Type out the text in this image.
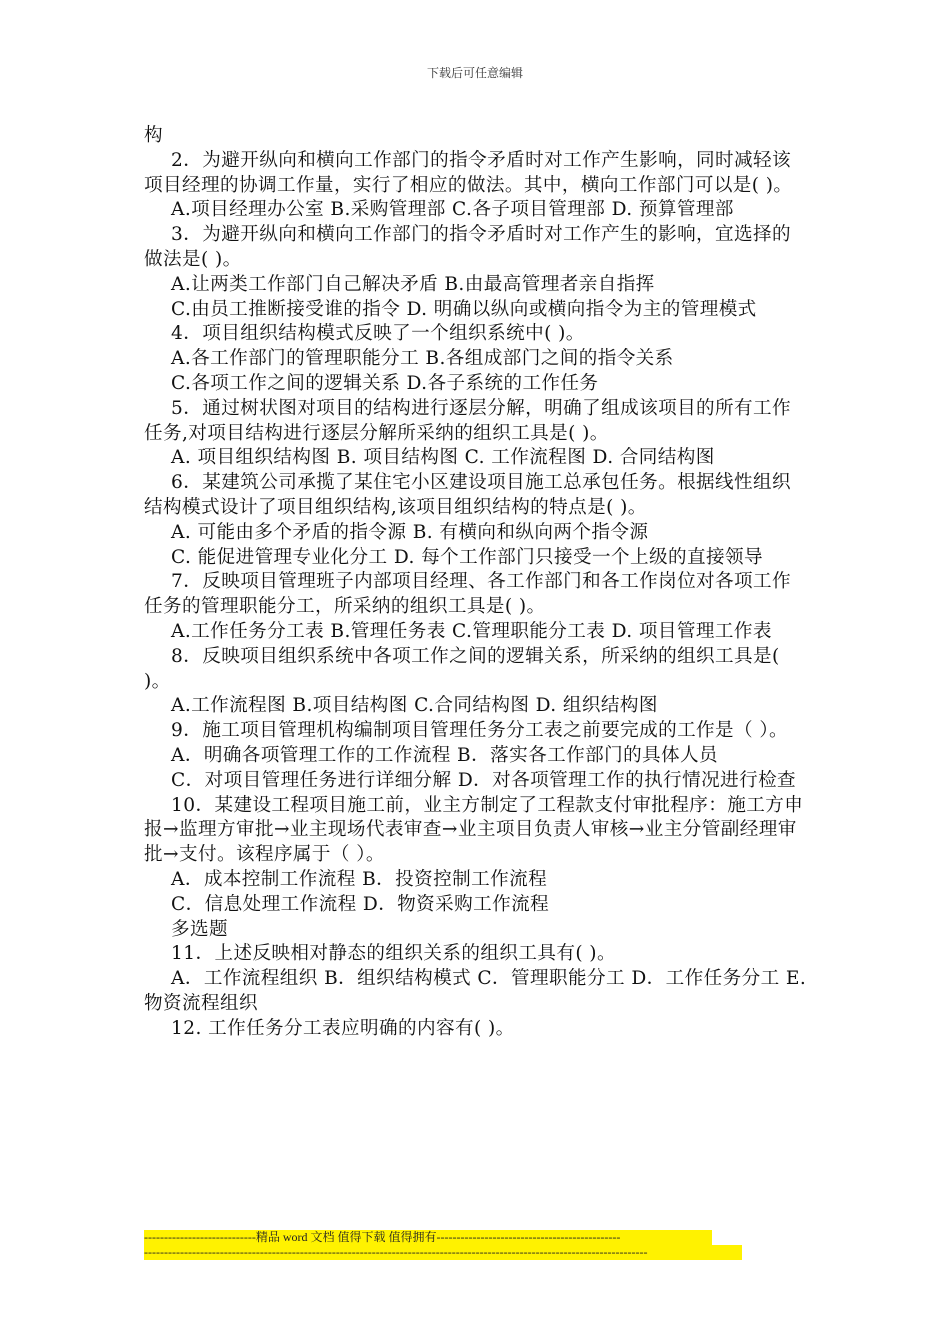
下载后可任意编辑

构

2．为避开纵向和横向工作部门的指令矛盾时对工作产生影响，同时减轻该项目经理的协调工作量，实行了相应的做法。其中，横向工作部门可以是( )。

A.项目经理办公室 B.采购管理部 C.各子项目管理部 D. 预算管理部

3．为避开纵向和横向工作部门的指令矛盾时对工作产生的影响，宜选择的做法是( )。

A.让两类工作部门自己解决矛盾 B.由最高管理者亲自指挥

C.由员工推断接受谁的指令 D. 明确以纵向或横向指令为主的管理模式

4．项目组织结构模式反映了一个组织系统中( )。

A.各工作部门的管理职能分工 B.各组成部门之间的指令关系

C.各项工作之间的逻辑关系 D.各子系统的工作任务

5．通过树状图对项目的结构进行逐层分解，明确了组成该项目的所有工作任务,对项目结构进行逐层分解所采纳的组织工具是( )。

A. 项目组织结构图 B. 项目结构图 C. 工作流程图 D. 合同结构图

6．某建筑公司承揽了某住宅小区建设项目施工总承包任务。根据线性组织结构模式设计了项目组织结构,该项目组织结构的特点是( )。

A. 可能由多个矛盾的指令源 B. 有横向和纵向两个指令源

C. 能促进管理专业化分工 D. 每个工作部门只接受一个上级的直接领导

7．反映项目管理班子内部项目经理、各工作部门和各工作岗位对各项工作任务的管理职能分工，所采纳的组织工具是( )。

A.工作任务分工表 B.管理任务表 C.管理职能分工表 D. 项目管理工作表

8．反映项目组织系统中各项工作之间的逻辑关系，所采纳的组织工具是( )。

A.工作流程图 B.项目结构图 C.合同结构图 D. 组织结构图

9．施工项目管理机构编制项目管理任务分工表之前要完成的工作是（ ）。

A．明确各项管理工作的工作流程 B．落实各工作部门的具体人员

C．对项目管理任务进行详细分解 D．对各项管理工作的执行情况进行检查

10．某建设工程项目施工前，业主方制定了工程款支付审批程序：施工方申报→监理方审批→业主现场代表审查→业主项目负责人审核→业主分管副经理审批→支付。该程序属于（ ）。

A．成本控制工作流程 B．投资控制工作流程

C．信息处理工作流程 D．物资采购工作流程

多选题

11．上述反映相对静态的组织关系的组织工具有( )。

A．工作流程组织 B．组织结构模式 C．管理职能分工 D．工作任务分工 E. 物资流程组织

12. 工作任务分工表应明确的内容有( )。

----------------------------精品 word 文档 值得下载 值得拥有----------------------------------------------
------------------------------------------------------------------------------------------------------------------------------
